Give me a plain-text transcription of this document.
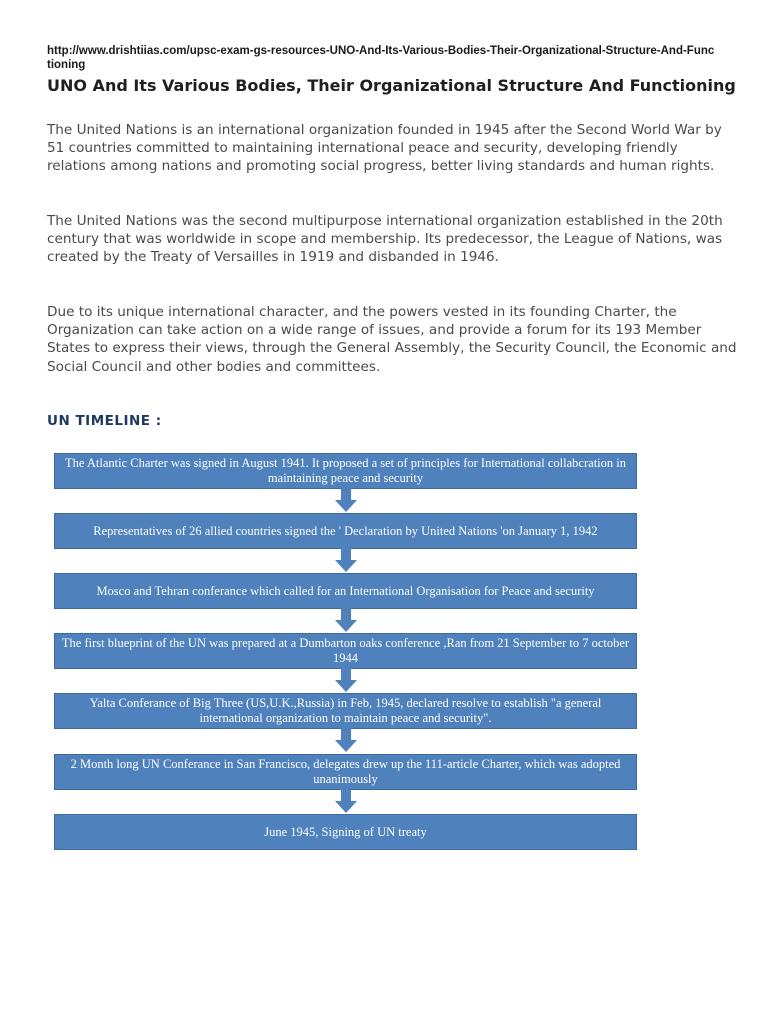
http://www.drishtiias.com/upsc-exam-gs-resources-UNO-And-Its-Various-Bodies-Their-Organizational-Structure-And-Functioning
UNO And Its Various Bodies, Their Organizational Structure And Functioning

The United Nations is an international organization founded in 1945 after the Second World War by 51 countries committed to maintaining international peace and security, developing friendly relations among nations and promoting social progress, better living standards and human rights.

The United Nations was the second multipurpose international organization established in the 20th century that was worldwide in scope and membership. Its predecessor, the League of Nations, was created by the Treaty of Versailles in 1919 and disbanded in 1946.

Due to its unique international character, and the powers vested in its founding Charter, the Organization can take action on a wide range of issues, and provide a forum for its 193 Member States to express their views, through the General Assembly, the Security Council, the Economic and Social Council and other bodies and committees.

UN TIMELINE :
The Atlantic Charter was signed in August 1941. It proposed a set of principles for International collabcration in maintaining peace and security
Representatives of 26 allied countries signed the ' Declaration by United Nations 'on January 1, 1942
Mosco and Tehran conferance which called for an International Organisation for Peace and security
The first blueprint of the UN was prepared at a Dumbarton oaks conference ,Ran from 21 September to 7 october 1944
Yalta Conferance of Big Three (US,U.K.,Russia) in Feb, 1945, declared resolve to establish "a general international organization to maintain peace and security".
2 Month long UN Conferance in San Francisco, delegates drew up the 111-article Charter, which was adopted unanimously
June 1945, Signing of UN treaty
